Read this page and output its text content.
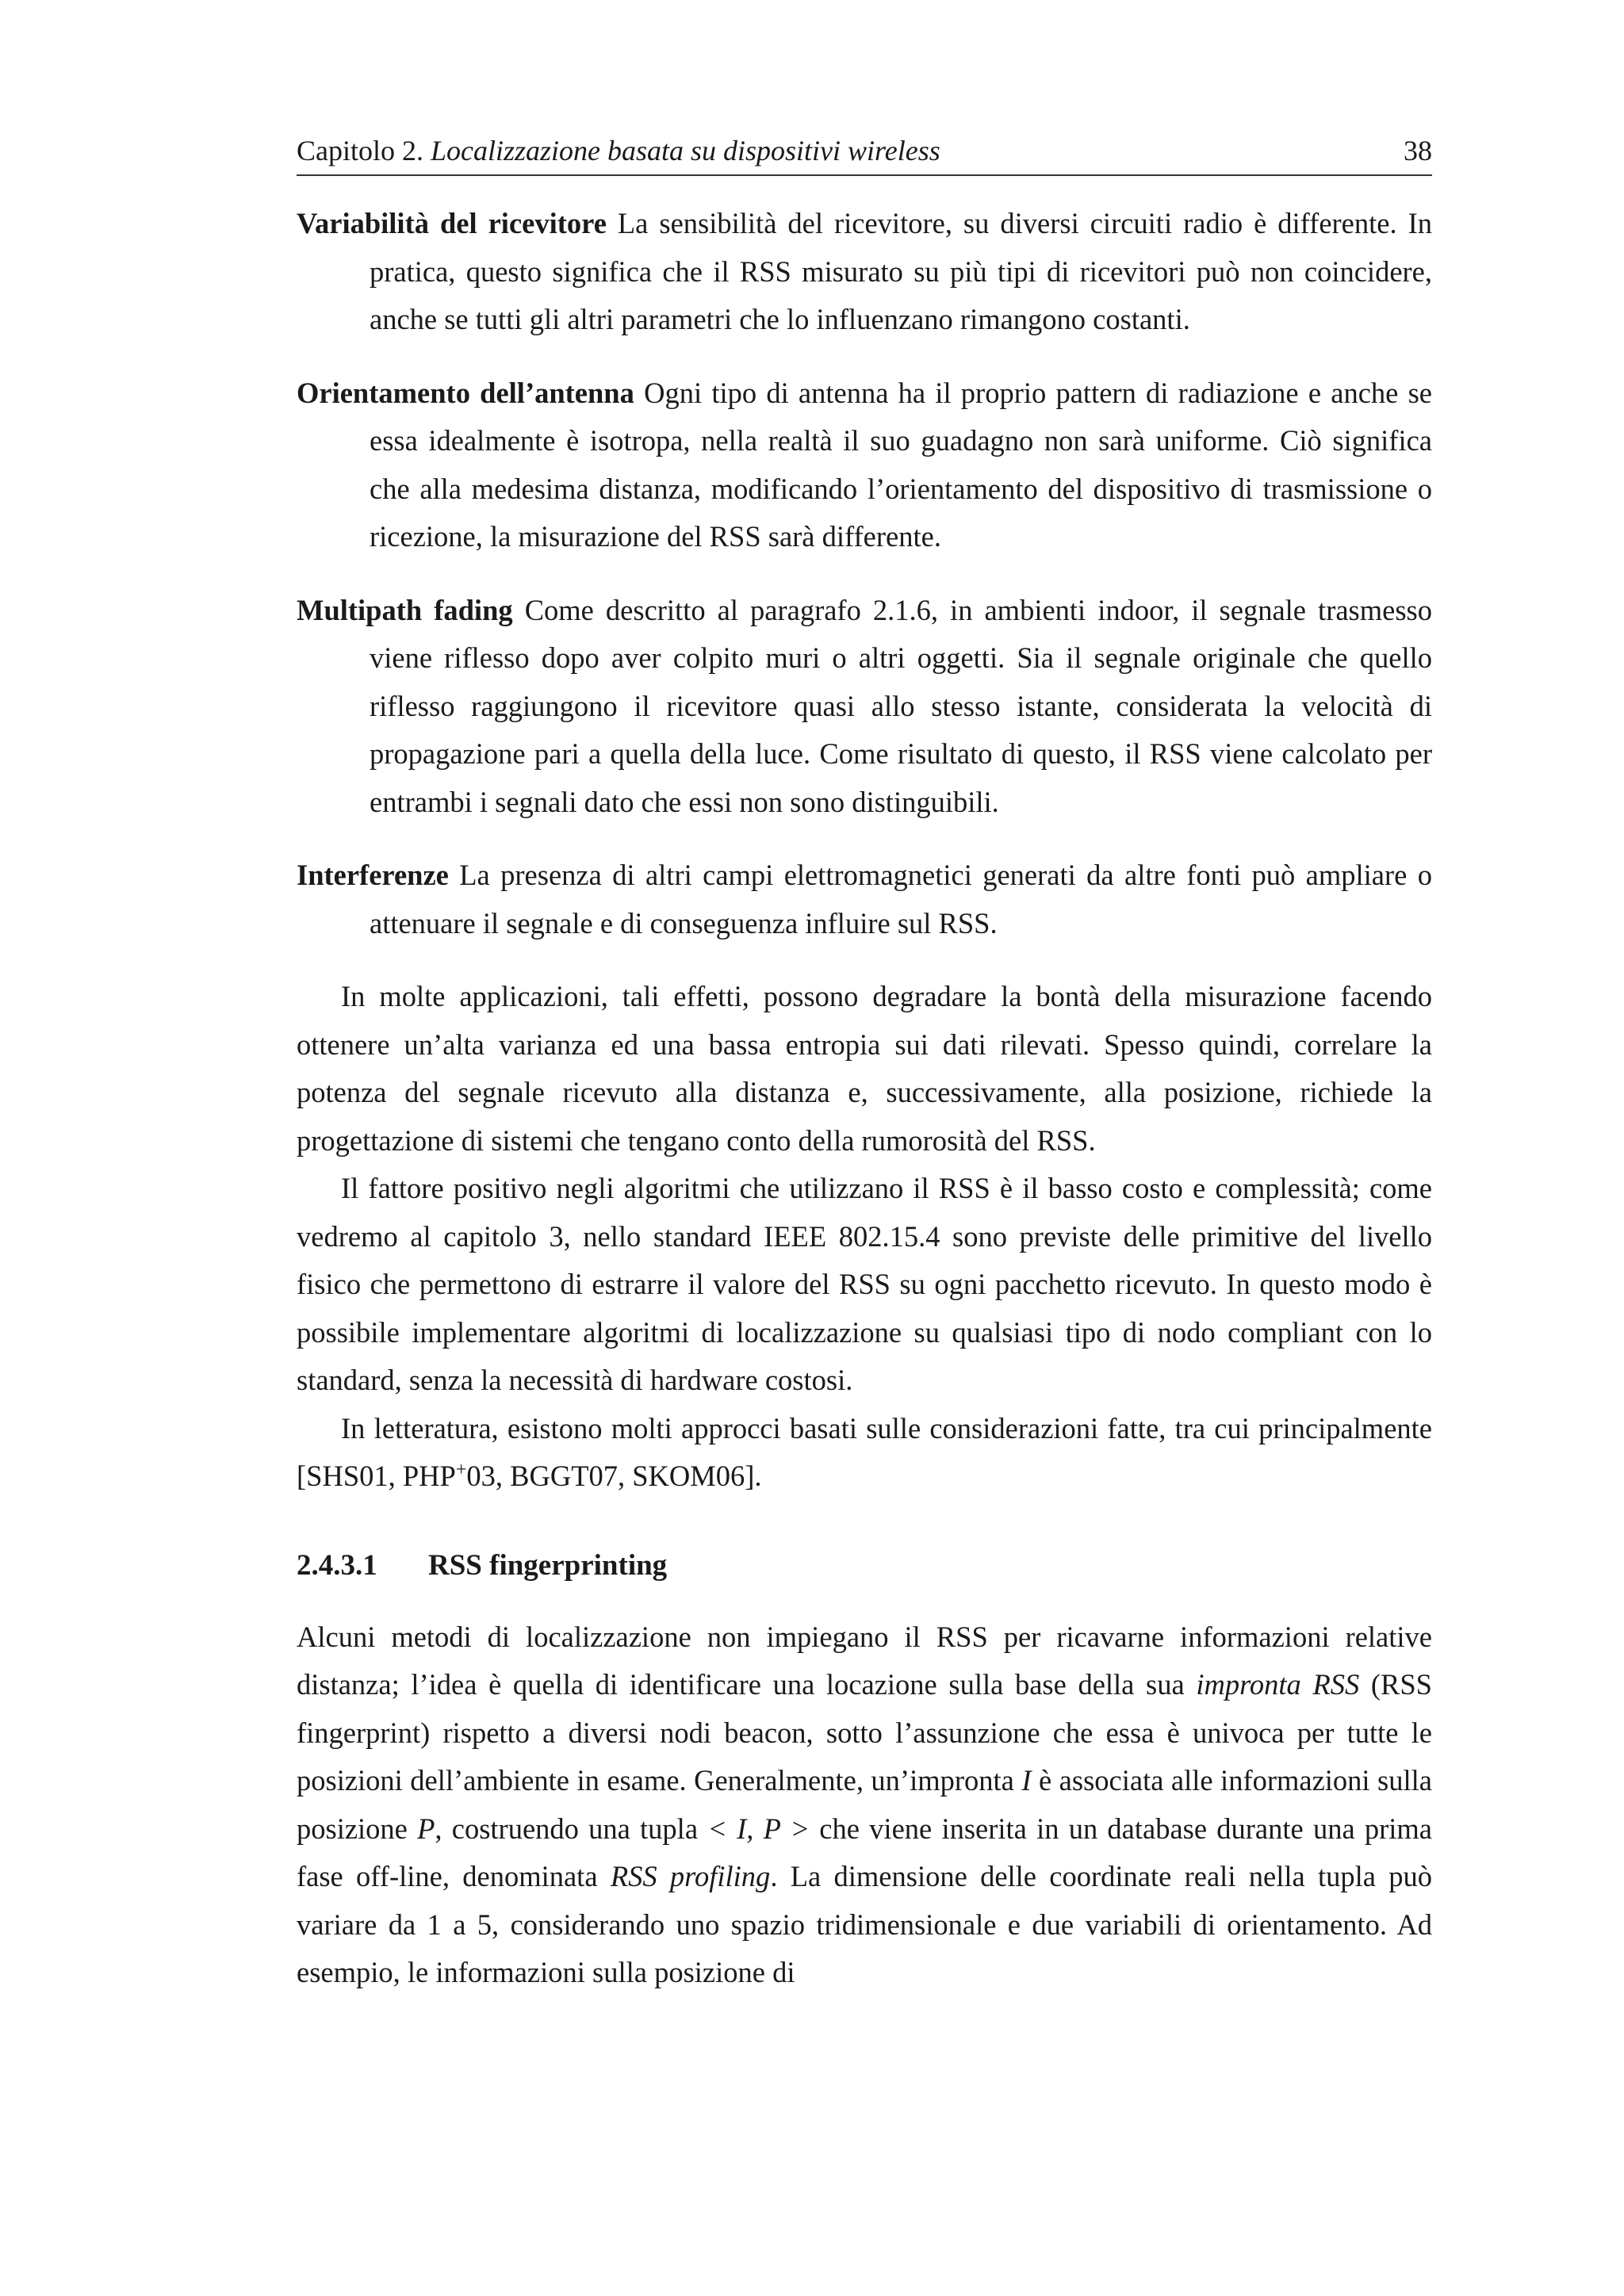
Capitolo 2. Localizzazione basata su dispositivi wireless	38

Variabilità del ricevitore La sensibilità del ricevitore, su diversi circuiti radio è differente. In pratica, questo significa che il RSS misurato su più tipi di ricevitori può non coincidere, anche se tutti gli altri parametri che lo influenzano rimangono costanti.

Orientamento dell’antenna Ogni tipo di antenna ha il proprio pattern di radiazione e anche se essa idealmente è isotropa, nella realtà il suo guadagno non sarà uniforme. Ciò significa che alla medesima distanza, modificando l’orientamento del dispositivo di trasmissione o ricezione, la misurazione del RSS sarà differente.

Multipath fading Come descritto al paragrafo 2.1.6, in ambienti indoor, il segnale trasmesso viene riflesso dopo aver colpito muri o altri oggetti. Sia il segnale originale che quello riflesso raggiungono il ricevitore quasi allo stesso istante, considerata la velocità di propagazione pari a quella della luce. Come risultato di questo, il RSS viene calcolato per entrambi i segnali dato che essi non sono distinguibili.

Interferenze La presenza di altri campi elettromagnetici generati da altre fonti può ampliare o attenuare il segnale e di conseguenza influire sul RSS.

In molte applicazioni, tali effetti, possono degradare la bontà della misurazione facendo ottenere un’alta varianza ed una bassa entropia sui dati rilevati. Spesso quindi, correlare la potenza del segnale ricevuto alla distanza e, successivamente, alla posizione, richiede la progettazione di sistemi che tengano conto della rumorosità del RSS.

Il fattore positivo negli algoritmi che utilizzano il RSS è il basso costo e complessità; come vedremo al capitolo 3, nello standard IEEE 802.15.4 sono previste delle primitive del livello fisico che permettono di estrarre il valore del RSS su ogni pacchetto ricevuto. In questo modo è possibile implementare algoritmi di localizzazione su qualsiasi tipo di nodo compliant con lo standard, senza la necessità di hardware costosi.

In letteratura, esistono molti approcci basati sulle considerazioni fatte, tra cui principalmente [SHS01, PHP+03, BGGT07, SKOM06].

2.4.3.1 RSS fingerprinting

Alcuni metodi di localizzazione non impiegano il RSS per ricavarne informazioni relative distanza; l’idea è quella di identificare una locazione sulla base della sua impronta RSS (RSS fingerprint) rispetto a diversi nodi beacon, sotto l’assunzione che essa è univoca per tutte le posizioni dell’ambiente in esame. Generalmente, un’impronta I è associata alle informazioni sulla posizione P, costruendo una tupla < I, P > che viene inserita in un database durante una prima fase off-line, denominata RSS profiling. La dimensione delle coordinate reali nella tupla può variare da 1 a 5, considerando uno spazio tridimensionale e due variabili di orientamento. Ad esempio, le informazioni sulla posizione di
